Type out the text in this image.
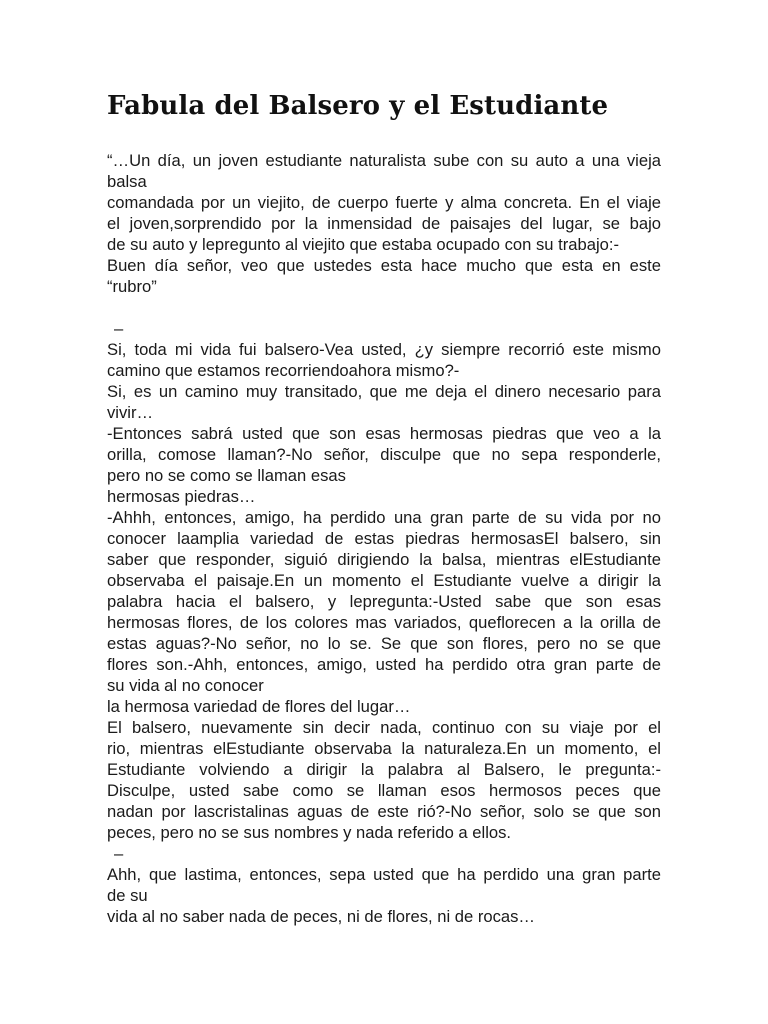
Fabula del Balsero y el Estudiante
“…Un día, un joven estudiante naturalista sube con su auto a una vieja
balsa
comandada por un viejito, de cuerpo fuerte y alma concreta. En el viaje
el joven,sorprendido por la inmensidad de paisajes del lugar, se bajo
de su auto y lepregunto al viejito que estaba ocupado con su trabajo:-
Buen día señor, veo que ustedes esta hace mucho que esta en este
“rubro”
–
Si, toda mi vida fui balsero-Vea usted, ¿y siempre recorrió este mismo
camino que estamos recorriendoahora mismo?-
Si, es un camino muy transitado, que me deja el dinero necesario para
vivir…
-Entonces sabrá usted que son esas hermosas piedras que veo a la
orilla, comose llaman?-No señor, disculpe que no sepa responderle,
pero no se como se llaman esas
hermosas piedras…
-Ahhh, entonces, amigo, ha perdido una gran parte de su vida por no
conocer laamplia variedad de estas piedras hermosasEl balsero, sin
saber que responder, siguió dirigiendo la balsa, mientras elEstudiante
observaba el paisaje.En un momento el Estudiante vuelve a dirigir la
palabra hacia el balsero, y lepregunta:-Usted sabe que son esas
hermosas flores, de los colores mas variados, queflorecen a la orilla de
estas aguas?-No señor, no lo se. Se que son flores, pero no se que
flores son.-Ahh, entonces, amigo, usted ha perdido otra gran parte de
su vida al no conocer
la hermosa variedad de flores del lugar…
El balsero, nuevamente sin decir nada, continuo con su viaje por el
rio, mientras elEstudiante observaba la naturaleza.En un momento, el
Estudiante volviendo a dirigir la palabra al Balsero, le pregunta:-
Disculpe, usted sabe como se llaman esos hermosos peces que
nadan por lascristalinas aguas de este rió?-No señor, solo se que son
peces, pero no se sus nombres y nada referido a ellos.
–
Ahh, que lastima, entonces, sepa usted que ha perdido una gran parte
de su
vida al no saber nada de peces, ni de flores, ni de rocas…
